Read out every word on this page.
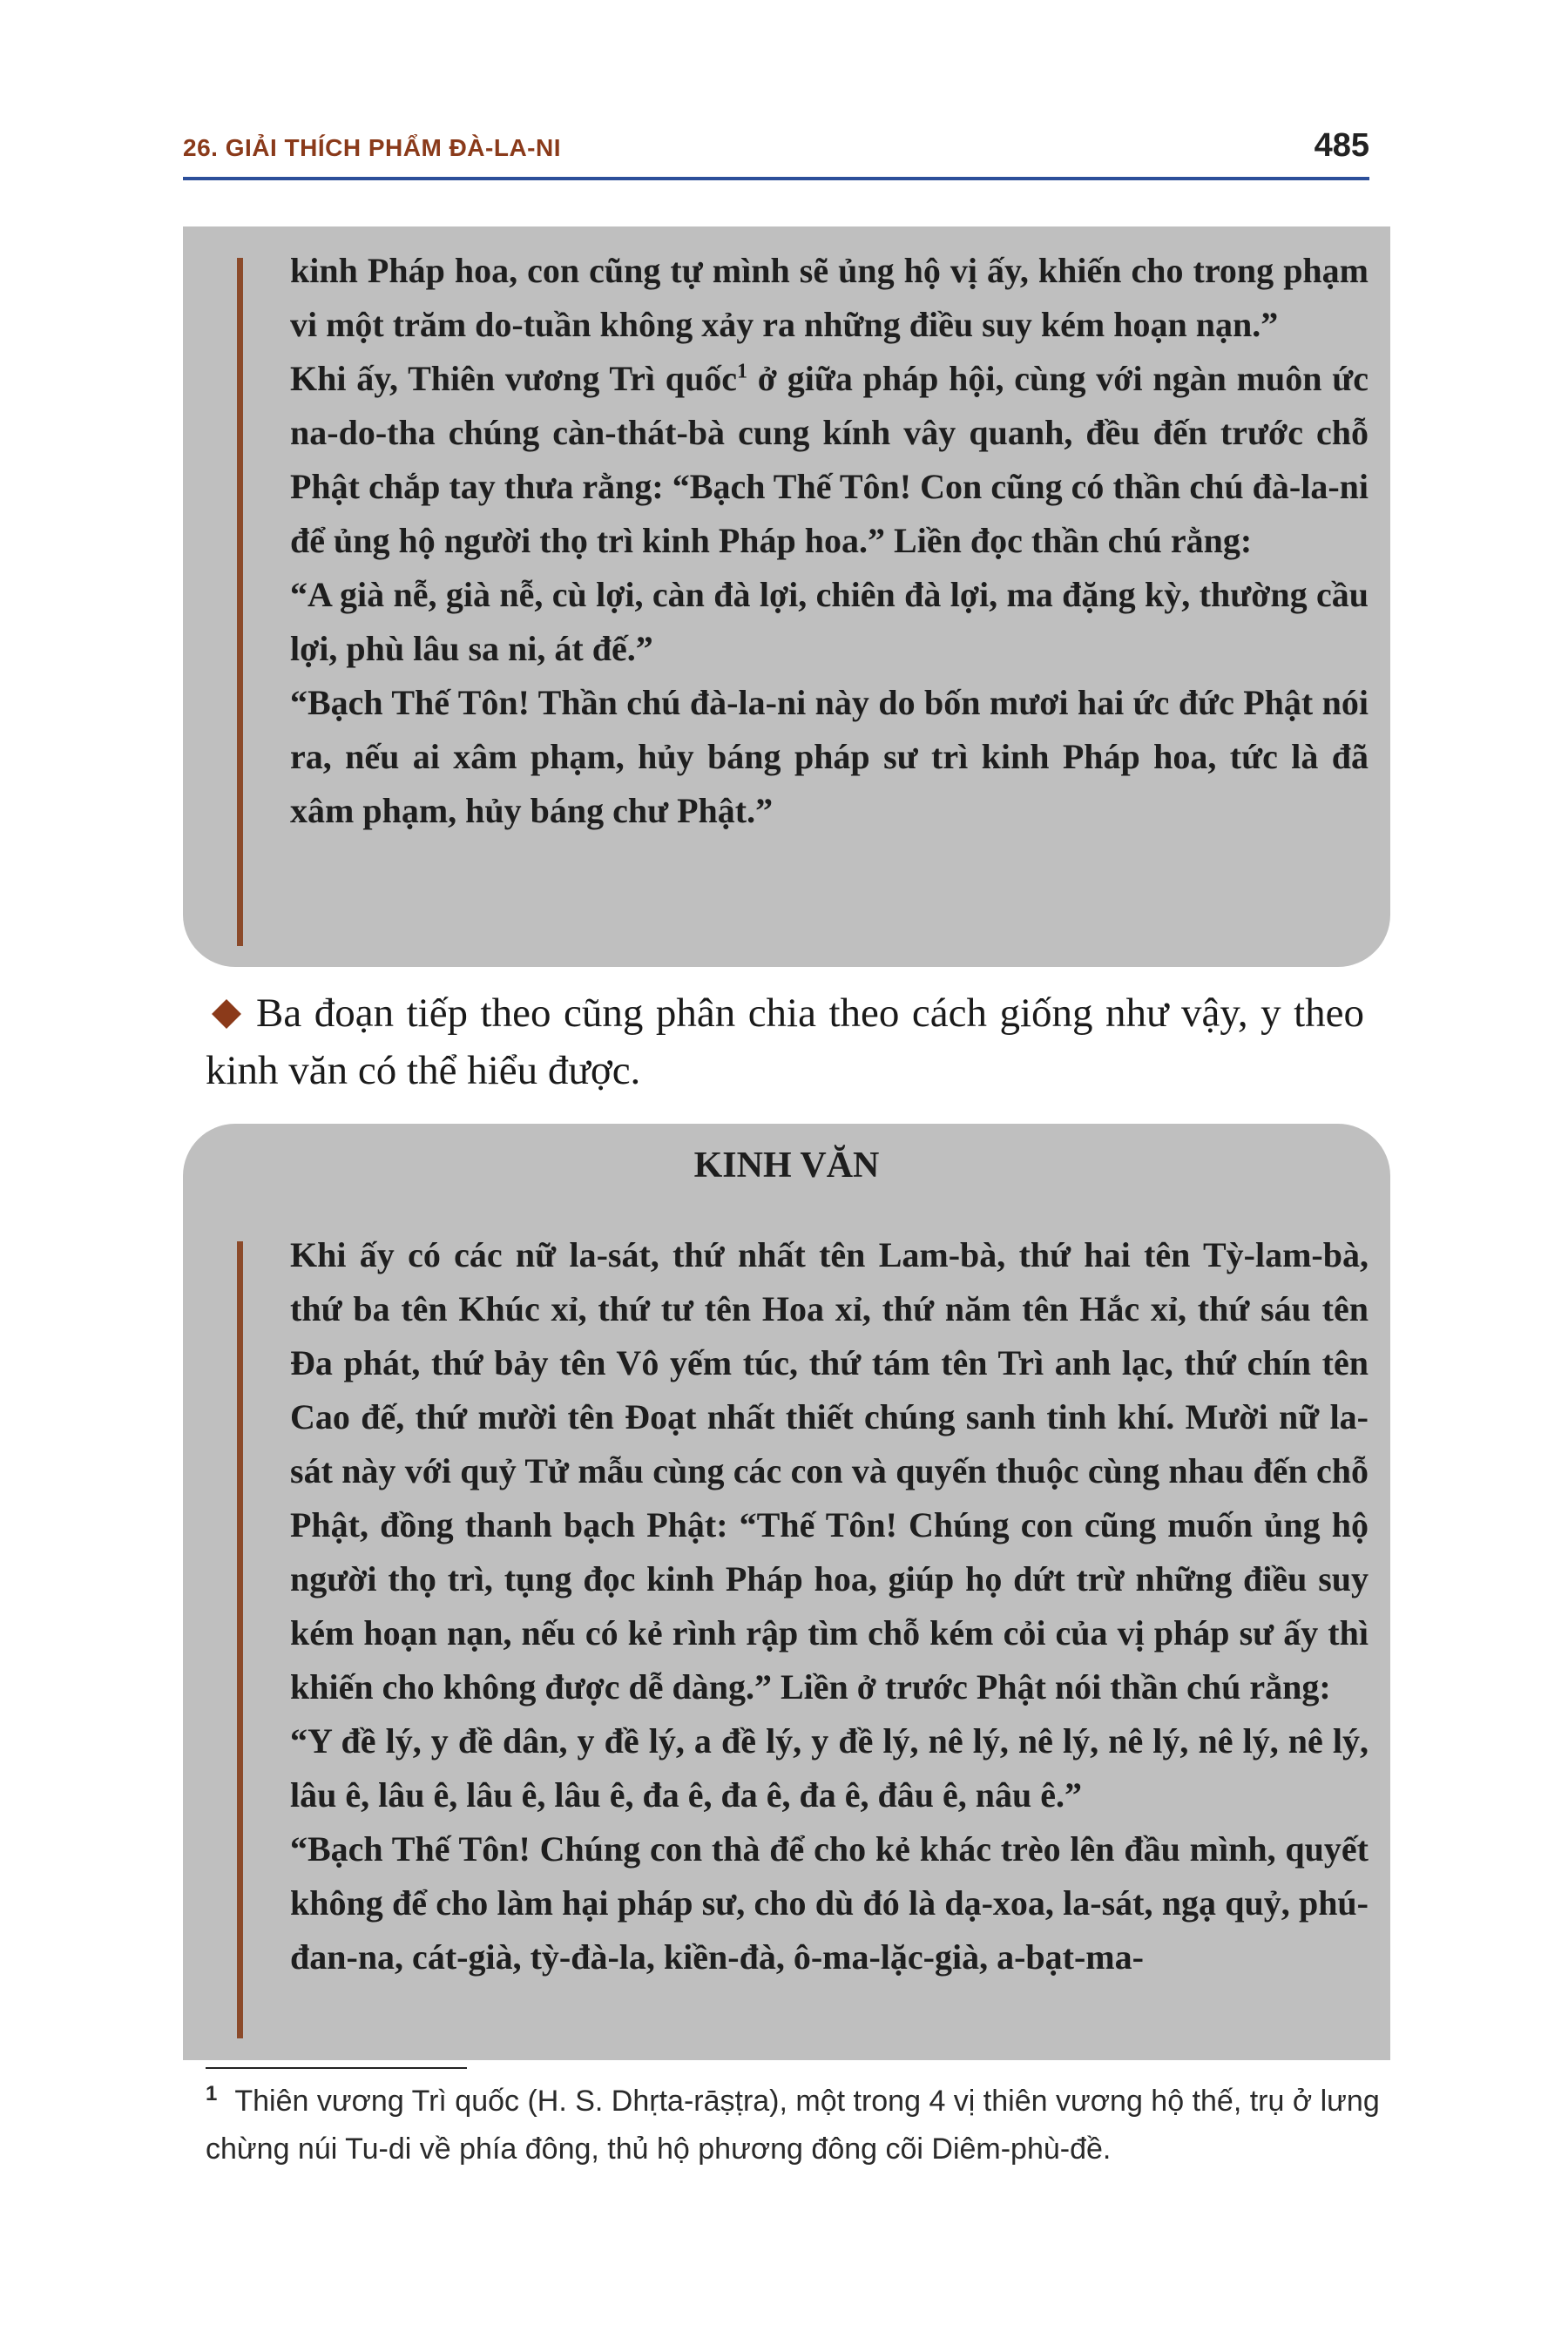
26. GIẢI THÍCH PHẨM ĐÀ-LA-NI	485

kinh Pháp hoa, con cũng tự mình sẽ ủng hộ vị ấy, khiến cho trong phạm vi một trăm do-tuần không xảy ra những điều suy kém hoạn nạn.”

Khi ấy, Thiên vương Trì quốc$^1$ ở giữa pháp hội, cùng với ngàn muôn ức na-do-tha chúng càn-thát-bà cung kính vây quanh, đều đến trước chỗ Phật chắp tay thưa rằng: “Bạch Thế Tôn! Con cũng có thần chú đà-la-ni để ủng hộ người thọ trì kinh Pháp hoa.” Liền đọc thần chú rằng:

“A già nễ, già nễ, cù lợi, càn đà lợi, chiên đà lợi, ma đặng kỳ, thường cầu lợi, phù lâu sa ni, át đế.”

“Bạch Thế Tôn! Thần chú đà-la-ni này do bốn mươi hai ức đức Phật nói ra, nếu ai xâm phạm, hủy báng pháp sư trì kinh Pháp hoa, tức là đã xâm phạm, hủy báng chư Phật.”

Ba đoạn tiếp theo cũng phân chia theo cách giống như vậy, y theo kinh văn có thể hiểu được.

KINH VĂN

Khi ấy có các nữ la-sát, thứ nhất tên Lam-bà, thứ hai tên Tỳ-lam-bà, thứ ba tên Khúc xỉ, thứ tư tên Hoa xỉ, thứ năm tên Hắc xỉ, thứ sáu tên Đa phát, thứ bảy tên Vô yếm túc, thứ tám tên Trì anh lạc, thứ chín tên Cao đế, thứ mười tên Đoạt nhất thiết chúng sanh tinh khí. Mười nữ la-sát này với quỷ Tử mẫu cùng các con và quyến thuộc cùng nhau đến chỗ Phật, đồng thanh bạch Phật: “Thế Tôn! Chúng con cũng muốn ủng hộ người thọ trì, tụng đọc kinh Pháp hoa, giúp họ dứt trừ những điều suy kém hoạn nạn, nếu có kẻ rình rập tìm chỗ kém cỏi của vị pháp sư ấy thì khiến cho không được dễ dàng.” Liền ở trước Phật nói thần chú rằng:

“Y đề lý, y đề dân, y đề lý, a đề lý, y đề lý, nê lý, nê lý, nê lý, nê lý, nê lý, lâu ê, lâu ê, lâu ê, lâu ê, đa ê, đa ê, đa ê, đâu ê, nâu ê.”

“Bạch Thế Tôn! Chúng con thà để cho kẻ khác trèo lên đầu mình, quyết không để cho làm hại pháp sư, cho dù đó là dạ-xoa, la-sát, ngạ quỷ, phú-đan-na, cát-già, tỳ-đà-la, kiền-đà, ô-ma-lặc-già, a-bạt-ma-

$^1$ Thiên vương Trì quốc (H. S. Dhṛta-rāṣṭra), một trong 4 vị thiên vương hộ thế, trụ ở lưng chừng núi Tu-di về phía đông, thủ hộ phương đông cõi Diêm-phù-đề.
